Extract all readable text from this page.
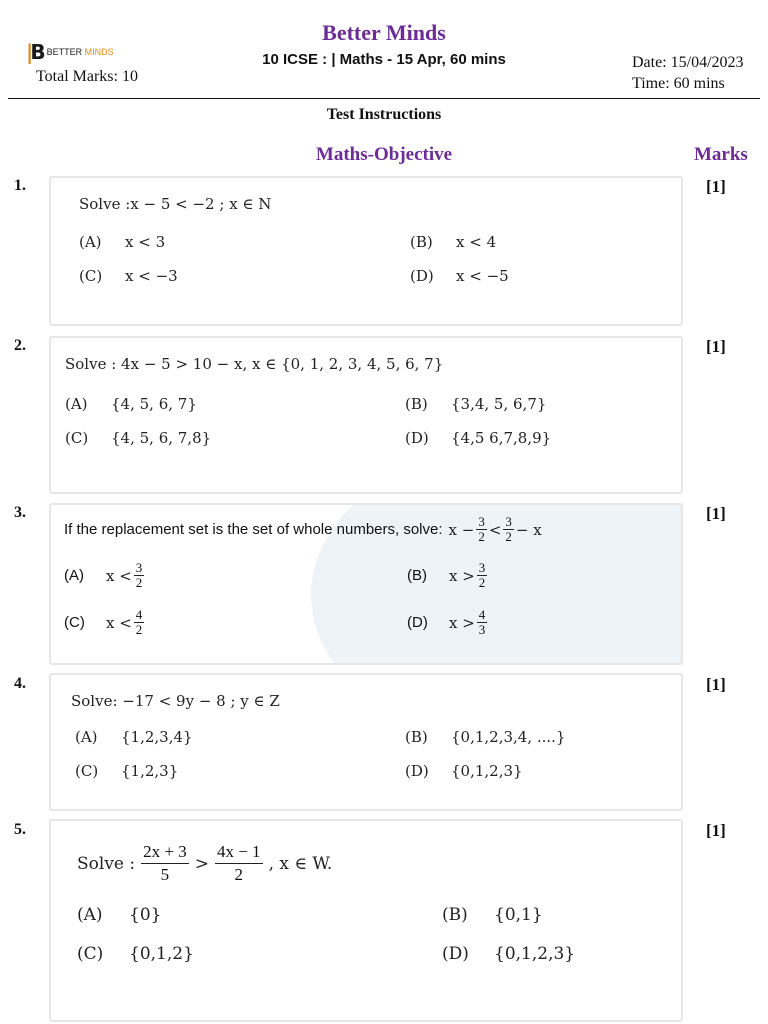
|B BETTER MINDS
Total Marks: 10
Better Minds
10 ICSE : | Maths - 15 Apr, 60 mins	Date: 15/04/2023
Time: 60 mins
Test Instructions
Maths-Objective	Marks
1.	[1]
Solve :x − 5 < −2 ; x ∈ N
(A) x < 3	(B) x < 4
(C) x < −3	(D) x < −5
2.	[1]
Solve : 4x − 5 > 10 − x, x ∈ {0, 1, 2, 3, 4, 5, 6, 7}
(A) {4, 5, 6, 7}	(B) {3,4, 5, 6,7}
(C) {4, 5, 6, 7,8}	(D) {4,5 6,7,8,9}
3.	[1]
If the replacement set is the set of whole numbers, solve: $x - \frac{3}{2} < \frac{3}{2} - x$
(A)	$x < \frac{3}{2}$	(B)	$x > \frac{3}{2}$
(C)	$x < \frac{4}{2}$	(D)	$x > \frac{4}{3}$
4.	[1]
Solve: −17 < 9y − 8 ; y ∈ Z
(A) {1,2,3,4}	(B) {0,1,2,3,4, ....}
(C) {1,2,3}	(D) {0,1,2,3}
5.	[1]
Solve : $\frac{2x + 3}{5} > \frac{4x - 1}{2}$ , x ∈ W.
(A) {0}	(B) {0,1}
(C) {0,1,2}	(D) {0,1,2,3}
